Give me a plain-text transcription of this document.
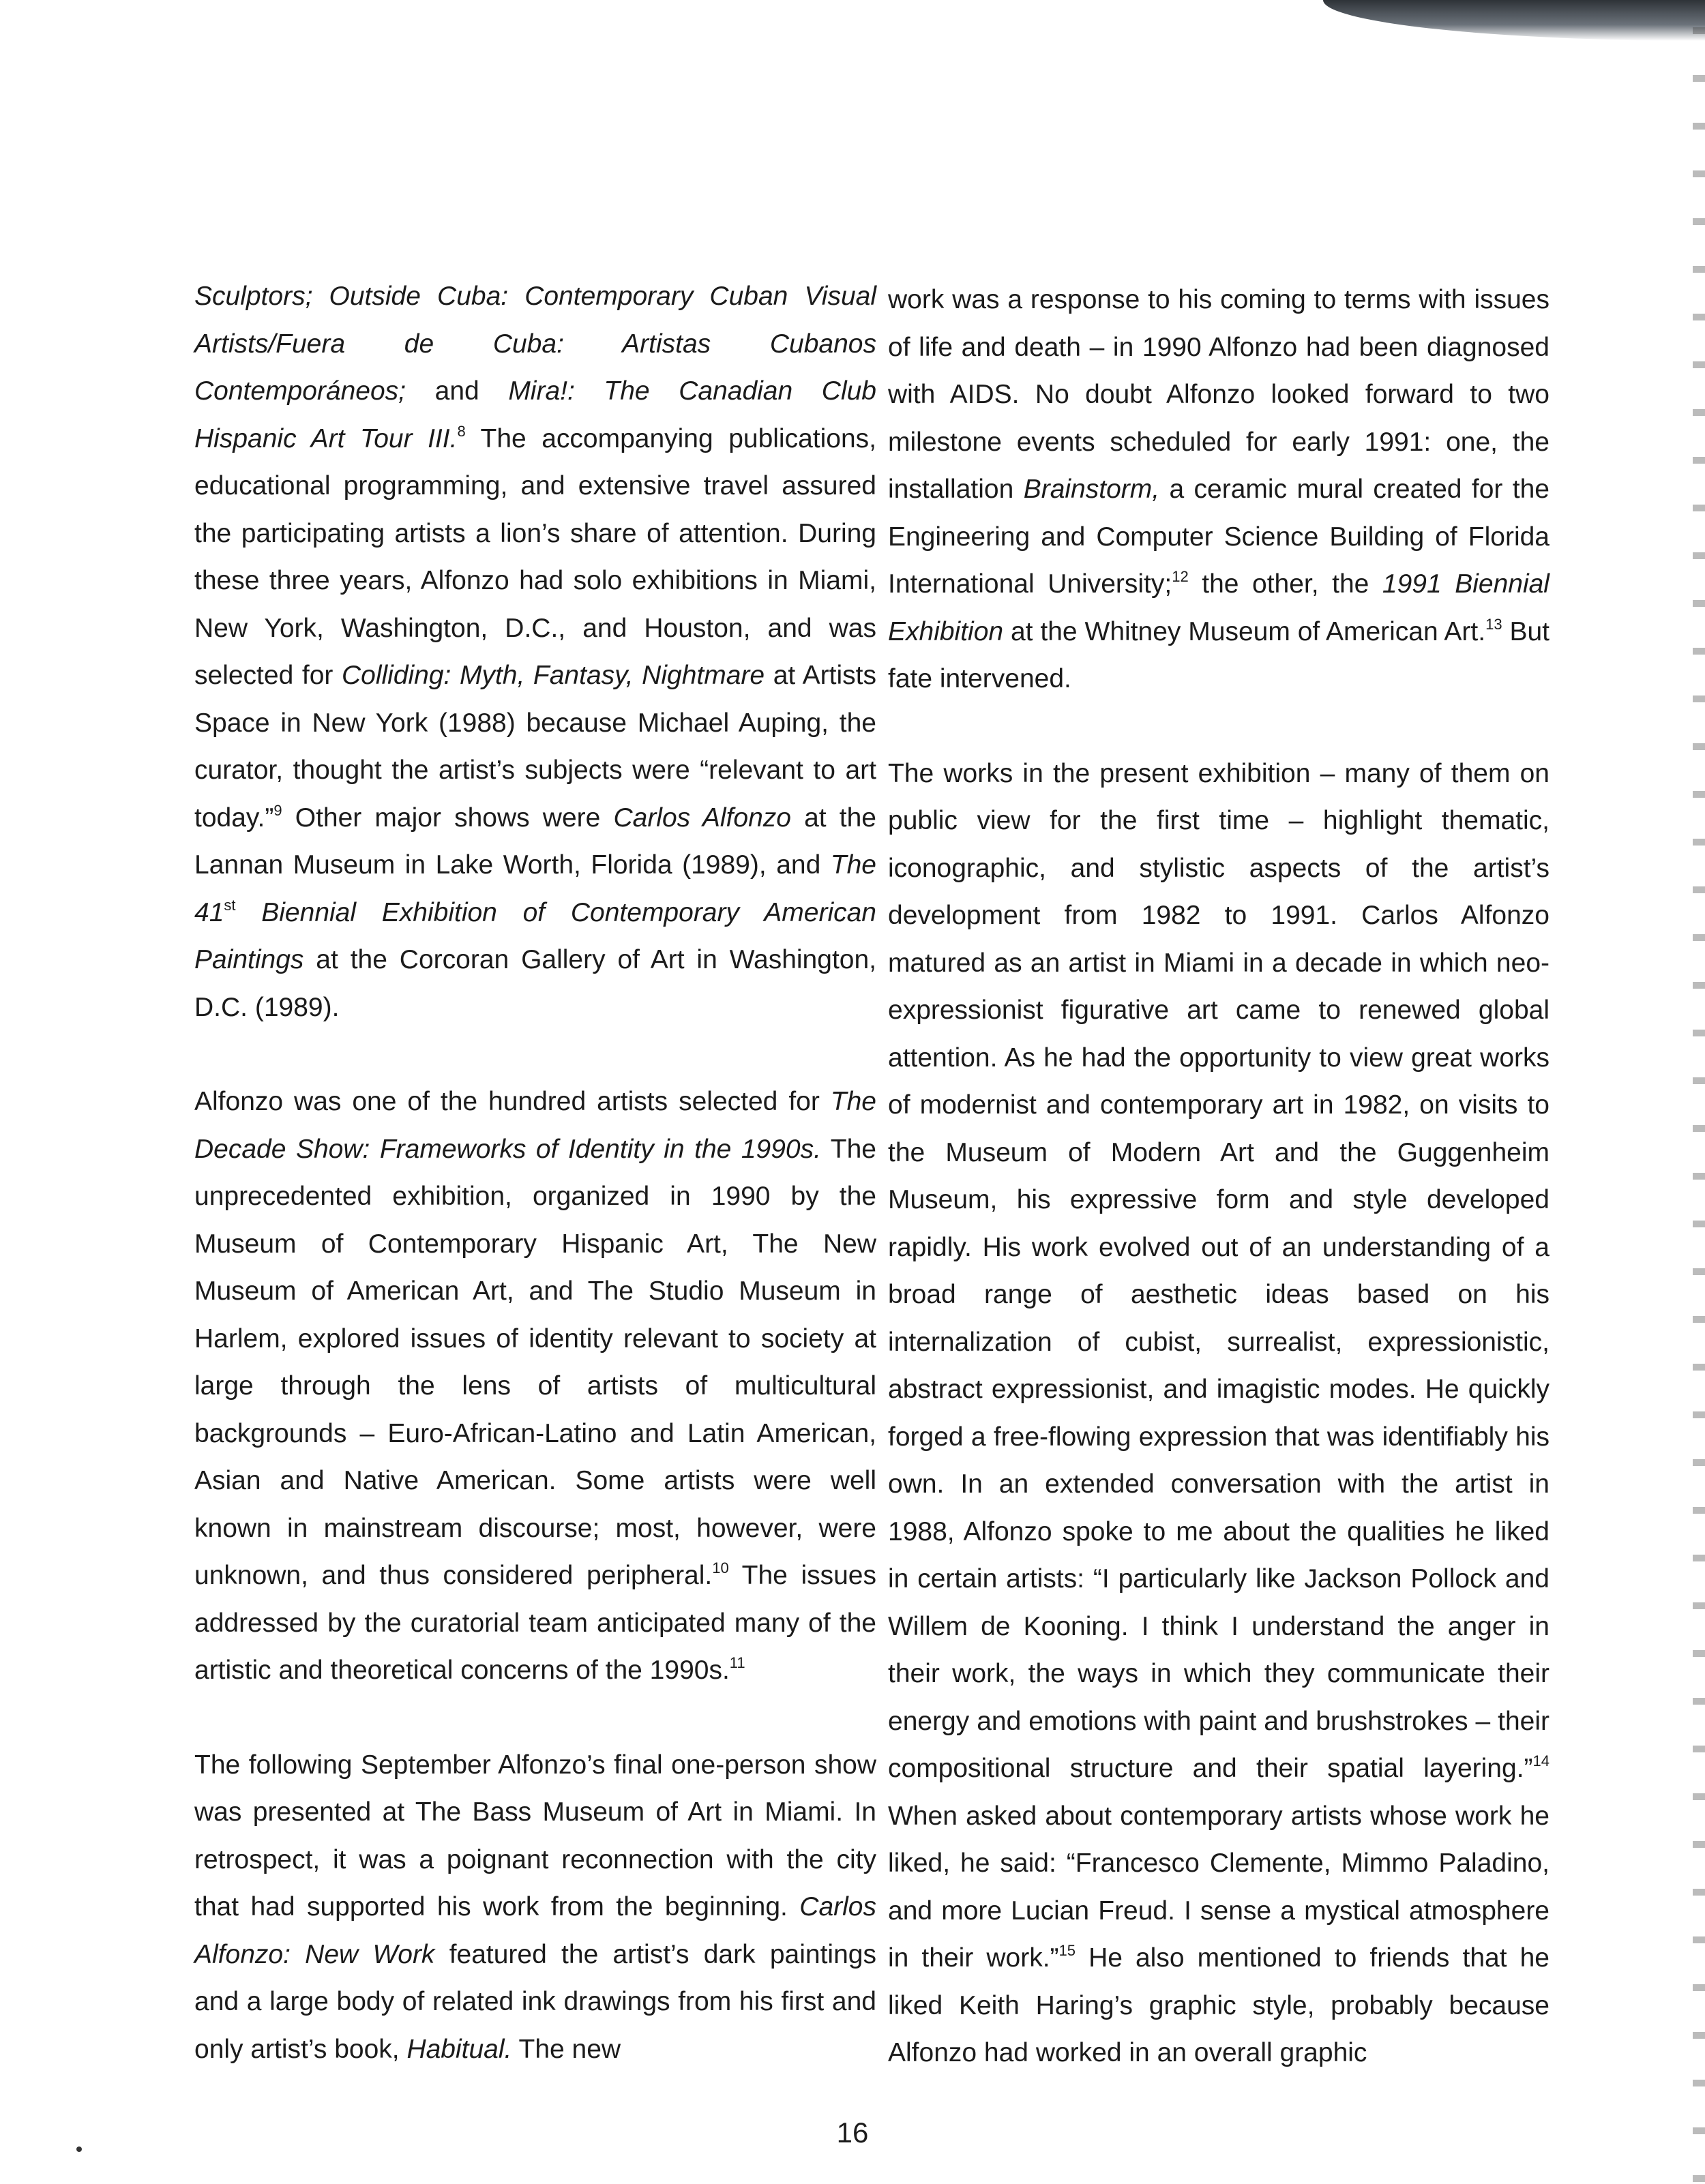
Sculptors; Outside Cuba: Contemporary Cuban Visual Artists/Fuera de Cuba: Artistas Cubanos Contemporáneos; and Mira!: The Canadian Club Hispanic Art Tour III.$^8$ The accompanying publications, educational programming, and extensive travel assured the participating artists a lion’s share of attention. During these three years, Alfonzo had solo exhibitions in Miami, New York, Washington, D.C., and Houston, and was selected for Colliding: Myth, Fantasy, Nightmare at Artists Space in New York (1988) because Michael Auping, the curator, thought the artist’s subjects were “relevant to art today.”$^9$ Other major shows were Carlos Alfonzo at the Lannan Museum in Lake Worth, Florida (1989), and The 41st Biennial Exhibition of Contemporary American Paintings at the Corcoran Gallery of Art in Washington, D.C. (1989).

Alfonzo was one of the hundred artists selected for The Decade Show: Frameworks of Identity in the 1990s. The unprecedented exhibition, organized in 1990 by the Museum of Contemporary Hispanic Art, The New Museum of American Art, and The Studio Museum in Harlem, explored issues of identity relevant to society at large through the lens of artists of multicultural backgrounds – Euro-African-Latino and Latin American, Asian and Native American. Some artists were well known in mainstream discourse; most, however, were unknown, and thus considered peripheral.$^{10}$ The issues addressed by the curatorial team anticipated many of the artistic and theoretical concerns of the 1990s.$^{11}$

The following September Alfonzo’s final one-person show was presented at The Bass Museum of Art in Miami. In retrospect, it was a poignant reconnection with the city that had supported his work from the beginning. Carlos Alfonzo: New Work featured the artist’s dark paintings and a large body of related ink drawings from his first and only artist’s book, Habitual. The new

work was a response to his coming to terms with issues of life and death – in 1990 Alfonzo had been diagnosed with AIDS. No doubt Alfonzo looked forward to two milestone events scheduled for early 1991: one, the installation Brainstorm, a ceramic mural created for the Engineering and Computer Science Building of Florida International University;$^{12}$ the other, the 1991 Biennial Exhibition at the Whitney Museum of American Art.$^{13}$ But fate intervened.

The works in the present exhibition – many of them on public view for the first time – highlight thematic, iconographic, and stylistic aspects of the artist’s development from 1982 to 1991. Carlos Alfonzo matured as an artist in Miami in a decade in which neo-expressionist figurative art came to renewed global attention. As he had the opportunity to view great works of modernist and contemporary art in 1982, on visits to the Museum of Modern Art and the Guggenheim Museum, his expressive form and style developed rapidly. His work evolved out of an understanding of a broad range of aesthetic ideas based on his internalization of cubist, surrealist, expressionistic, abstract expressionist, and imagistic modes. He quickly forged a free-flowing expression that was identifiably his own. In an extended conversation with the artist in 1988, Alfonzo spoke to me about the qualities he liked in certain artists: “I particularly like Jackson Pollock and Willem de Kooning. I think I understand the anger in their work, the ways in which they communicate their energy and emotions with paint and brushstrokes – their compositional structure and their spatial layering.”$^{14}$ When asked about contemporary artists whose work he liked, he said: “Francesco Clemente, Mimmo Paladino, and more Lucian Freud. I sense a mystical atmosphere in their work.”$^{15}$ He also mentioned to friends that he liked Keith Haring’s graphic style, probably because Alfonzo had worked in an overall graphic

16
